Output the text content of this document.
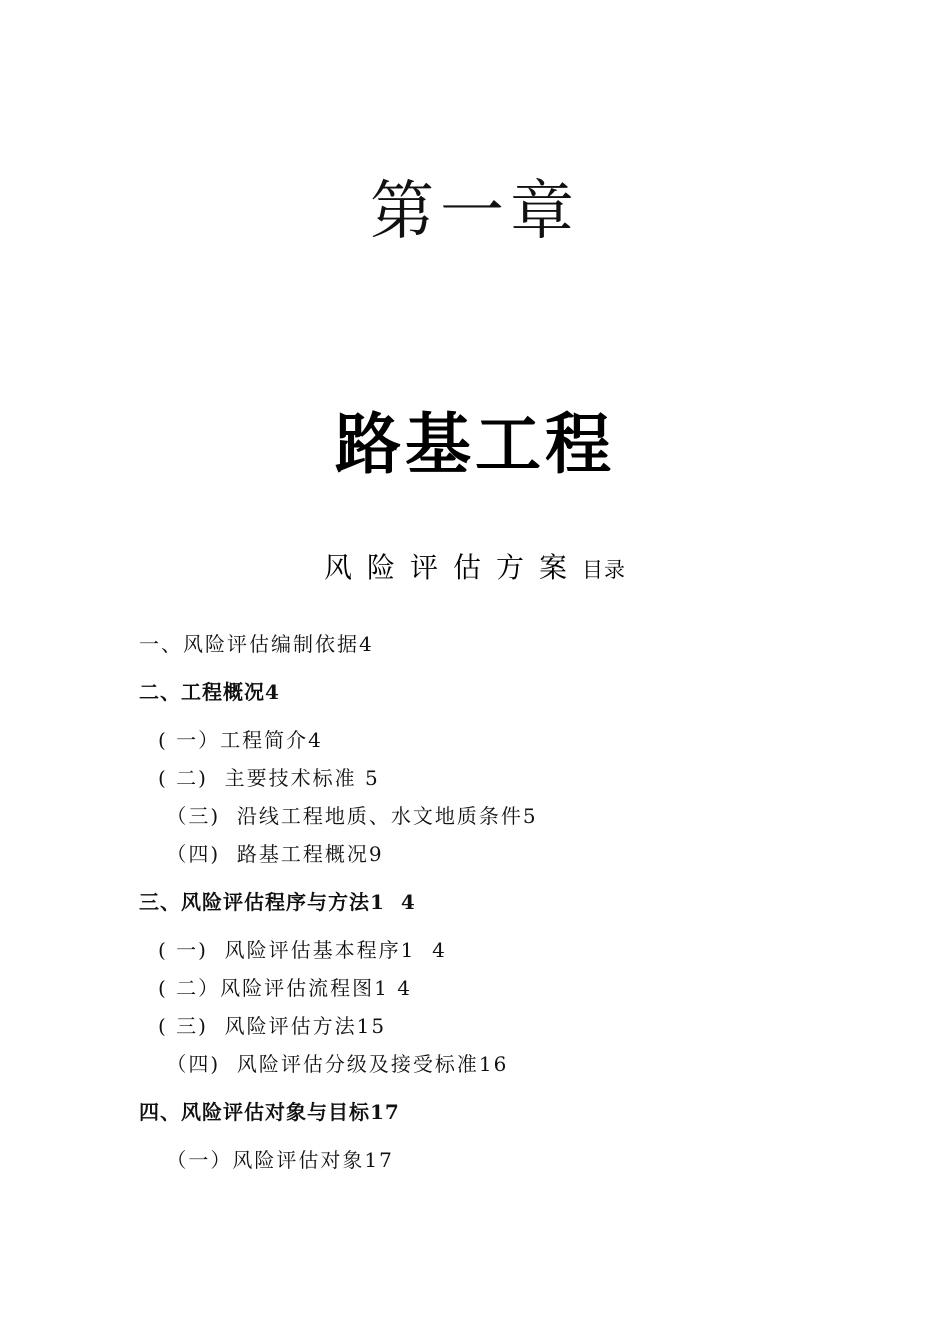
第一章
路基工程
风险评估方案目录
一、风险评估编制依据4
二、工程概况4
( 一）工程简介4
( 二)  主要技术标准 5
（三)  沿线工程地质、水文地质条件5
（四)  路基工程概况9
三、风险评估程序与方法1  4
( 一)  风险评估基本程序1  4
( 二）风险评估流程图1 4
( 三)  风险评估方法15
（四)  风险评估分级及接受标准16
四、风险评估对象与目标17
（一）风险评估对象17
